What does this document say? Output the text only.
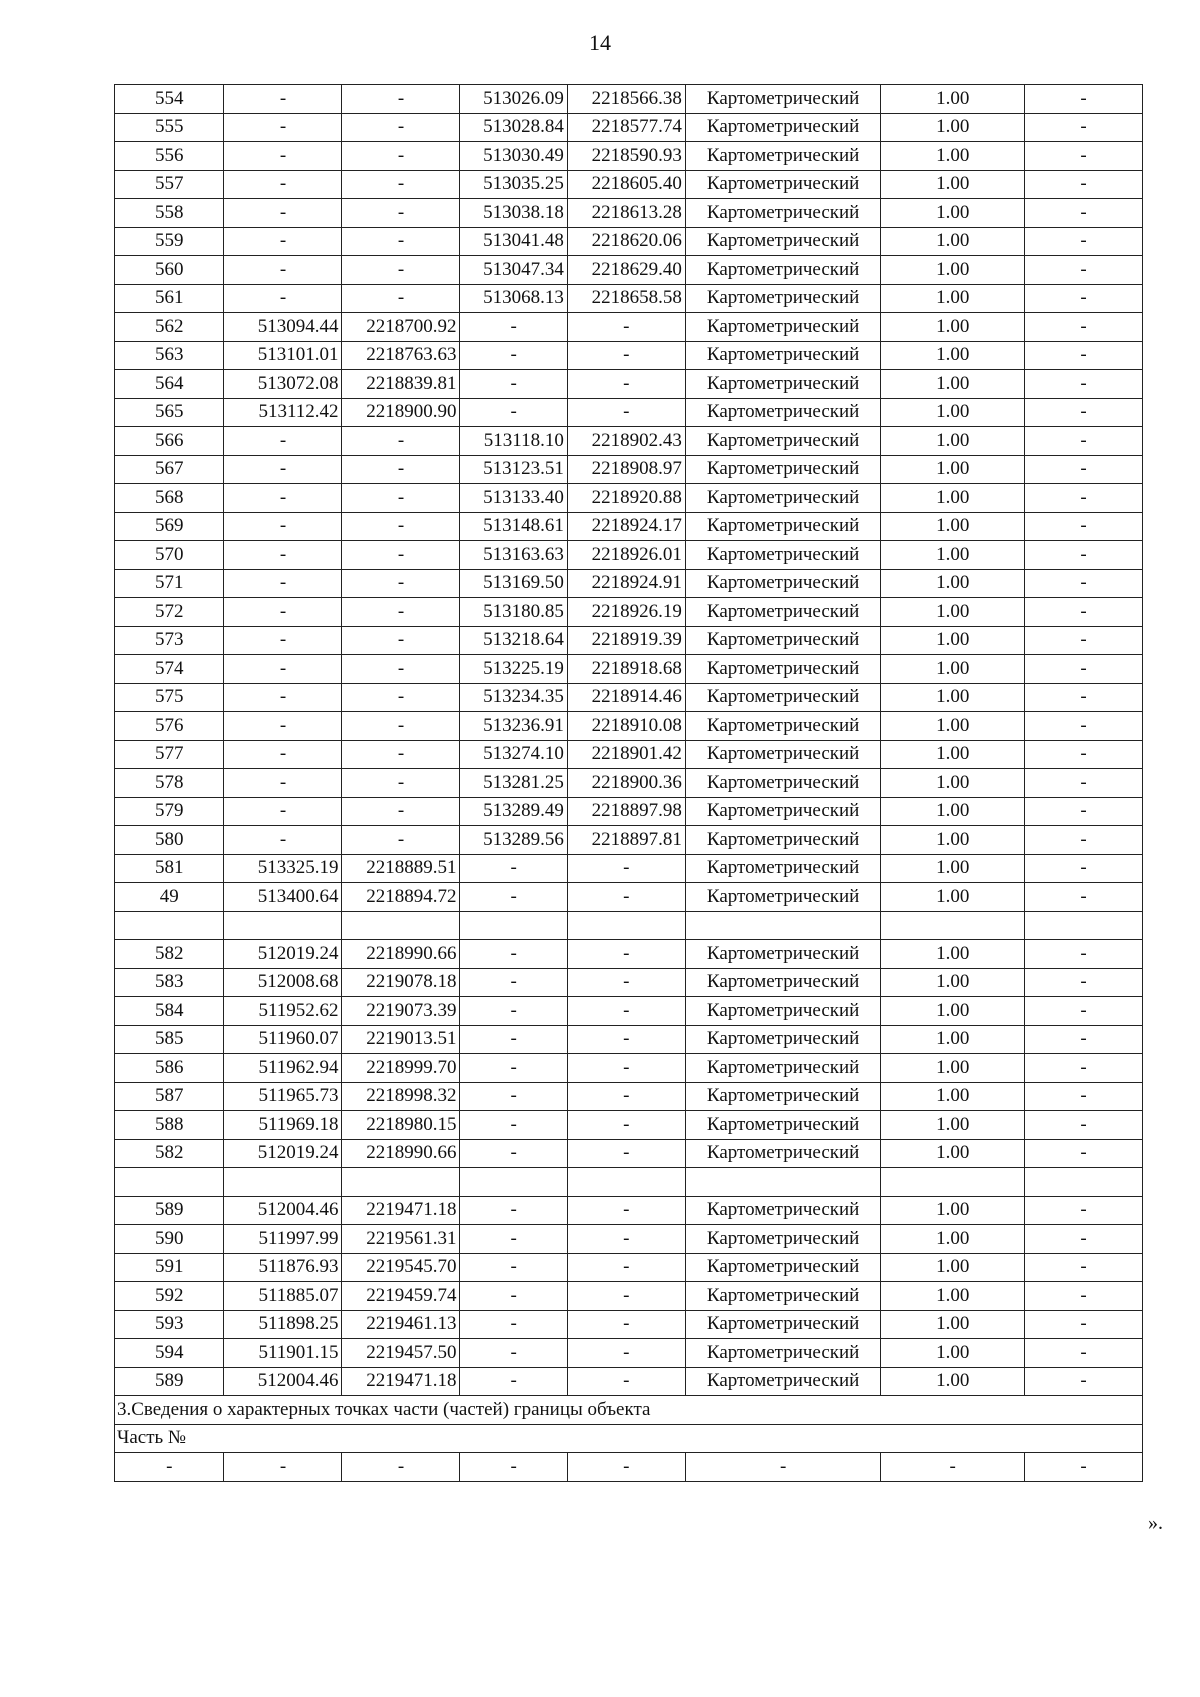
14
554	-	-	513026.09	2218566.38	Картометрический	1.00	-
555	-	-	513028.84	2218577.74	Картометрический	1.00	-
556	-	-	513030.49	2218590.93	Картометрический	1.00	-
557	-	-	513035.25	2218605.40	Картометрический	1.00	-
558	-	-	513038.18	2218613.28	Картометрический	1.00	-
559	-	-	513041.48	2218620.06	Картометрический	1.00	-
560	-	-	513047.34	2218629.40	Картометрический	1.00	-
561	-	-	513068.13	2218658.58	Картометрический	1.00	-
562	513094.44	2218700.92	-	-	Картометрический	1.00	-
563	513101.01	2218763.63	-	-	Картометрический	1.00	-
564	513072.08	2218839.81	-	-	Картометрический	1.00	-
565	513112.42	2218900.90	-	-	Картометрический	1.00	-
566	-	-	513118.10	2218902.43	Картометрический	1.00	-
567	-	-	513123.51	2218908.97	Картометрический	1.00	-
568	-	-	513133.40	2218920.88	Картометрический	1.00	-
569	-	-	513148.61	2218924.17	Картометрический	1.00	-
570	-	-	513163.63	2218926.01	Картометрический	1.00	-
571	-	-	513169.50	2218924.91	Картометрический	1.00	-
572	-	-	513180.85	2218926.19	Картометрический	1.00	-
573	-	-	513218.64	2218919.39	Картометрический	1.00	-
574	-	-	513225.19	2218918.68	Картометрический	1.00	-
575	-	-	513234.35	2218914.46	Картометрический	1.00	-
576	-	-	513236.91	2218910.08	Картометрический	1.00	-
577	-	-	513274.10	2218901.42	Картометрический	1.00	-
578	-	-	513281.25	2218900.36	Картометрический	1.00	-
579	-	-	513289.49	2218897.98	Картометрический	1.00	-
580	-	-	513289.56	2218897.81	Картометрический	1.00	-
581	513325.19	2218889.51	-	-	Картометрический	1.00	-
49	513400.64	2218894.72	-	-	Картометрический	1.00	-

582	512019.24	2218990.66	-	-	Картометрический	1.00	-
583	512008.68	2219078.18	-	-	Картометрический	1.00	-
584	511952.62	2219073.39	-	-	Картометрический	1.00	-
585	511960.07	2219013.51	-	-	Картометрический	1.00	-
586	511962.94	2218999.70	-	-	Картометрический	1.00	-
587	511965.73	2218998.32	-	-	Картометрический	1.00	-
588	511969.18	2218980.15	-	-	Картометрический	1.00	-
582	512019.24	2218990.66	-	-	Картометрический	1.00	-

589	512004.46	2219471.18	-	-	Картометрический	1.00	-
590	511997.99	2219561.31	-	-	Картометрический	1.00	-
591	511876.93	2219545.70	-	-	Картометрический	1.00	-
592	511885.07	2219459.74	-	-	Картометрический	1.00	-
593	511898.25	2219461.13	-	-	Картометрический	1.00	-
594	511901.15	2219457.50	-	-	Картометрический	1.00	-
589	512004.46	2219471.18	-	-	Картометрический	1.00	-
3.Сведения о характерных точках части (частей) границы объекта							
Часть №							
-	-	-	-	-	-	-	-
».
